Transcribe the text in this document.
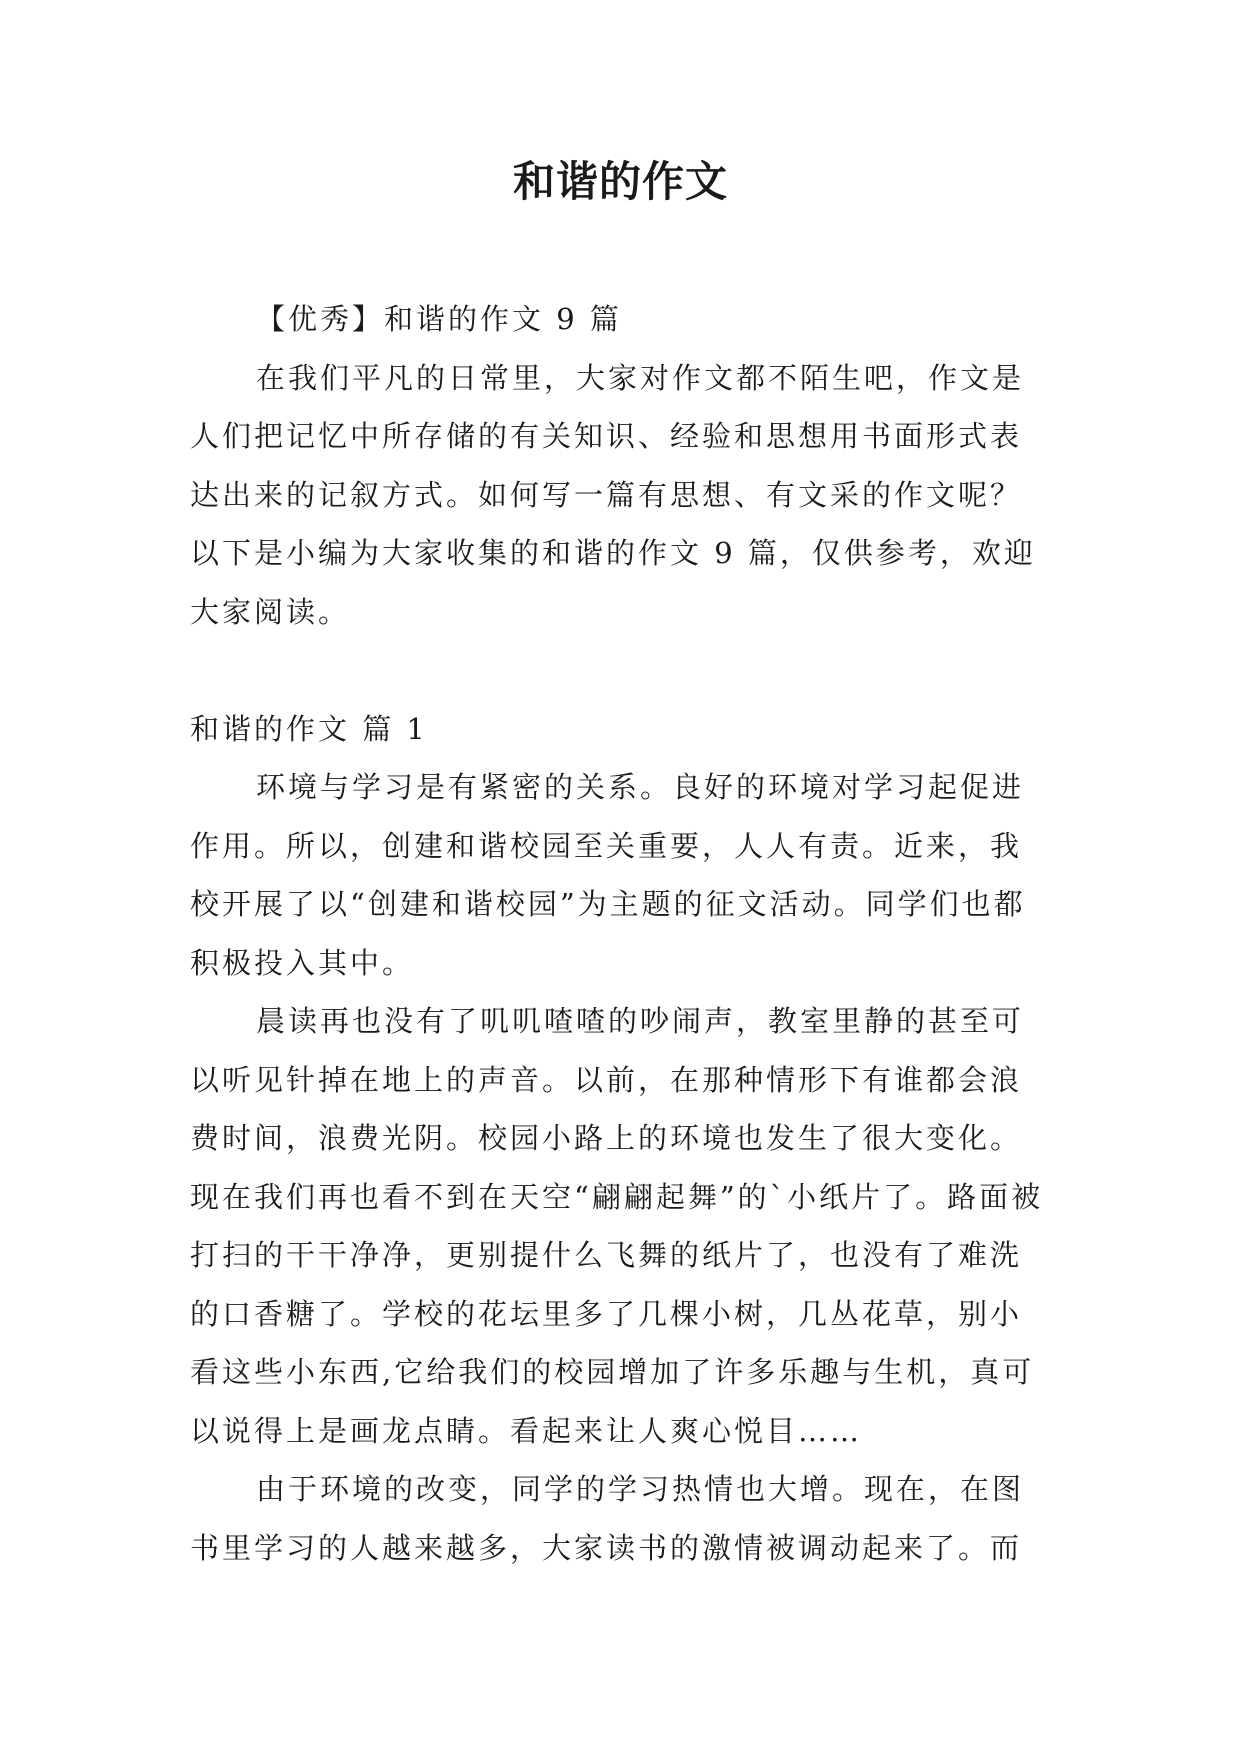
和谐的作文

【优秀】和谐的作文 9 篇

在我们平凡的日常里，大家对作文都不陌生吧，作文是人们把记忆中所存储的有关知识、经验和思想用书面形式表达出来的记叙方式。如何写一篇有思想、有文采的作文呢？以下是小编为大家收集的和谐的作文 9 篇，仅供参考，欢迎大家阅读。

和谐的作文 篇 1

环境与学习是有紧密的关系。良好的环境对学习起促进作用。所以，创建和谐校园至关重要，人人有责。近来，我校开展了以“创建和谐校园”为主题的征文活动。同学们也都积极投入其中。

晨读再也没有了叽叽喳喳的吵闹声，教室里静的甚至可以听见针掉在地上的声音。以前，在那种情形下有谁都会浪费时间，浪费光阴。校园小路上的环境也发生了很大变化。现在我们再也看不到在天空“翩翩起舞”的`小纸片了。路面被打扫的干干净净，更别提什么飞舞的纸片了，也没有了难洗的口香糖了。学校的花坛里多了几棵小树，几丛花草，别小看这些小东西,它给我们的校园增加了许多乐趣与生机，真可以说得上是画龙点睛。看起来让人爽心悦目……

由于环境的改变，同学的学习热情也大增。现在，在图书里学习的人越来越多，大家读书的激情被调动起来了。而
